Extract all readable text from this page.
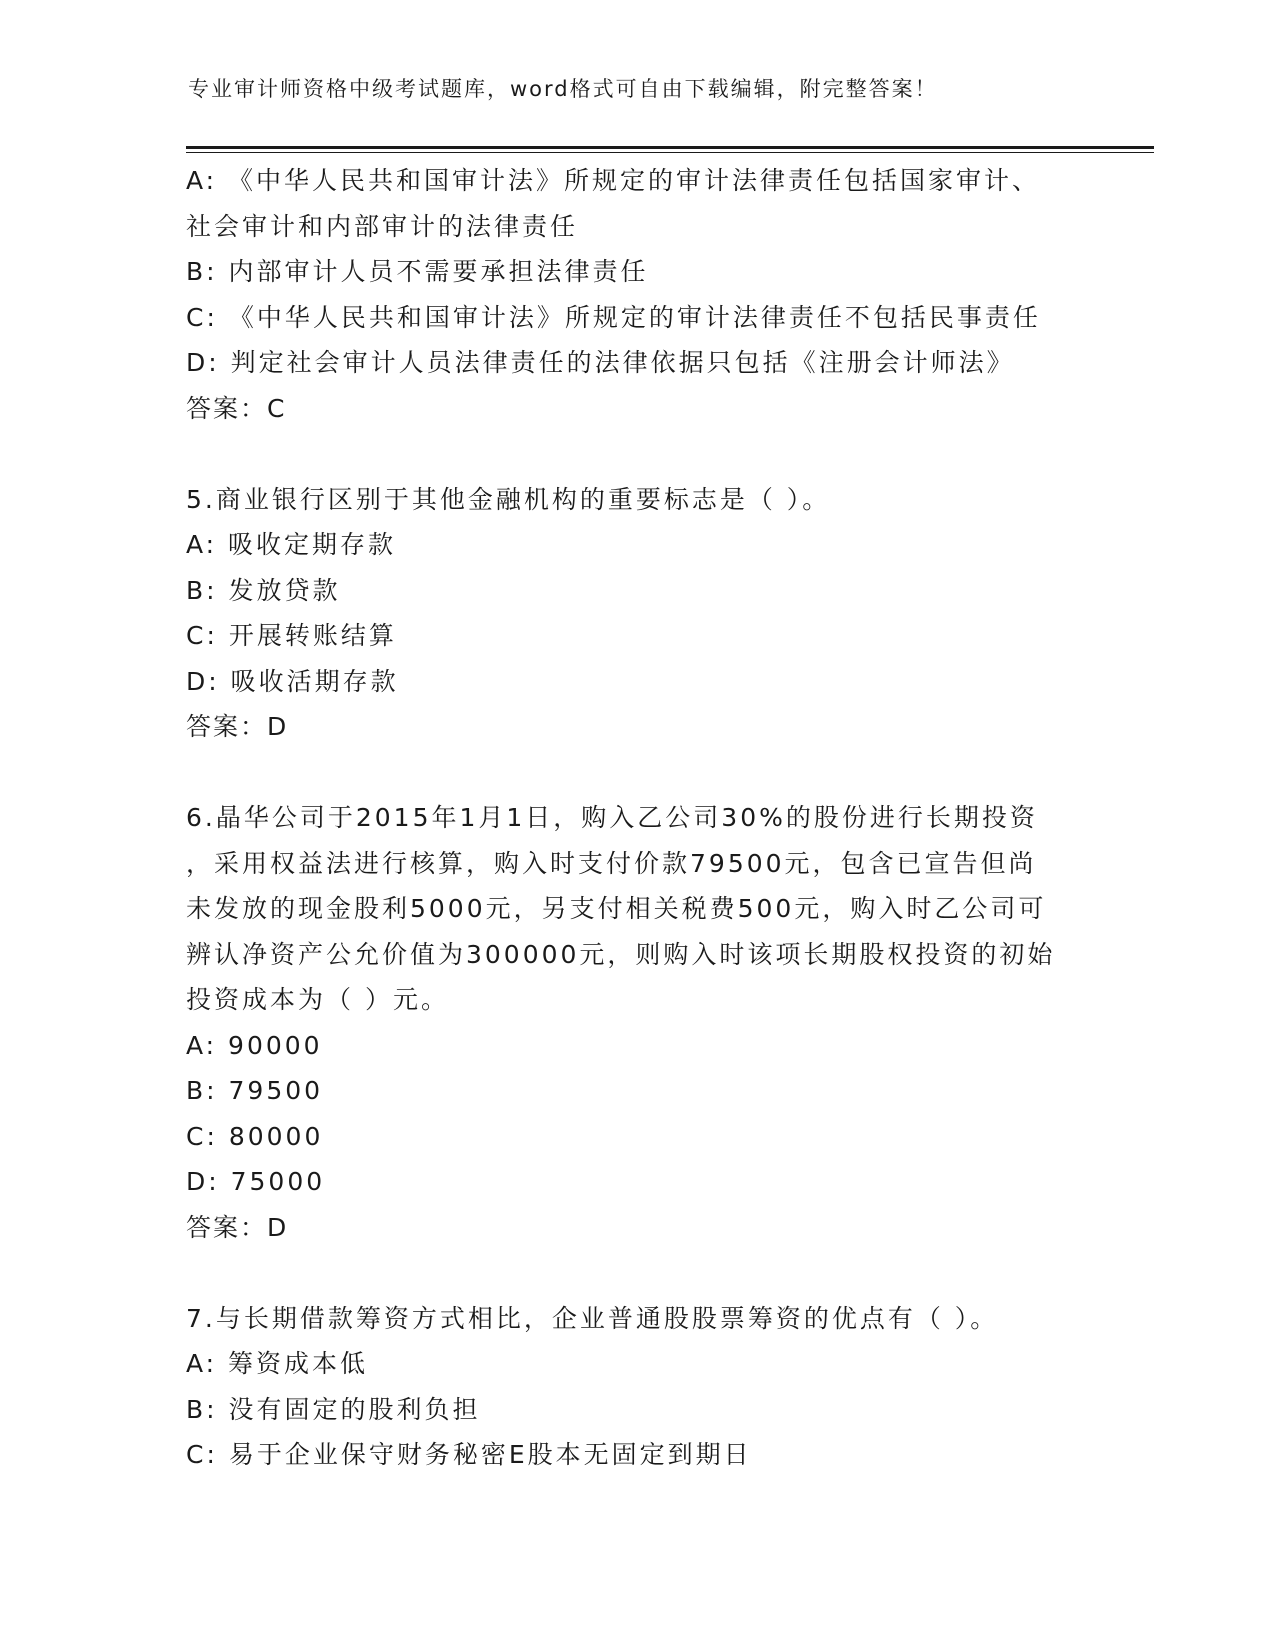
专业审计师资格中级考试题库，word格式可自由下载编辑，附完整答案！
A: 《中华人民共和国审计法》所规定的审计法律责任包括国家审计、
社会审计和内部审计的法律责任
B: 内部审计人员不需要承担法律责任
C: 《中华人民共和国审计法》所规定的审计法律责任不包括民事责任
D: 判定社会审计人员法律责任的法律依据只包括《注册会计师法》
答案：C
5.商业银行区别于其他金融机构的重要标志是（ ）。
A: 吸收定期存款
B: 发放贷款
C: 开展转账结算
D: 吸收活期存款
答案：D
6.晶华公司于2015年1月1日，购入乙公司30%的股份进行长期投资
，采用权益法进行核算，购入时支付价款79500元，包含已宣告但尚
未发放的现金股利5000元，另支付相关税费500元，购入时乙公司可
辨认净资产公允价值为300000元，则购入时该项长期股权投资的初始
投资成本为（ ）元。
A: 90000
B: 79500
C: 80000
D: 75000
答案：D
7.与长期借款筹资方式相比，企业普通股股票筹资的优点有（ ）。
A: 筹资成本低
B: 没有固定的股利负担
C: 易于企业保守财务秘密E股本无固定到期日
